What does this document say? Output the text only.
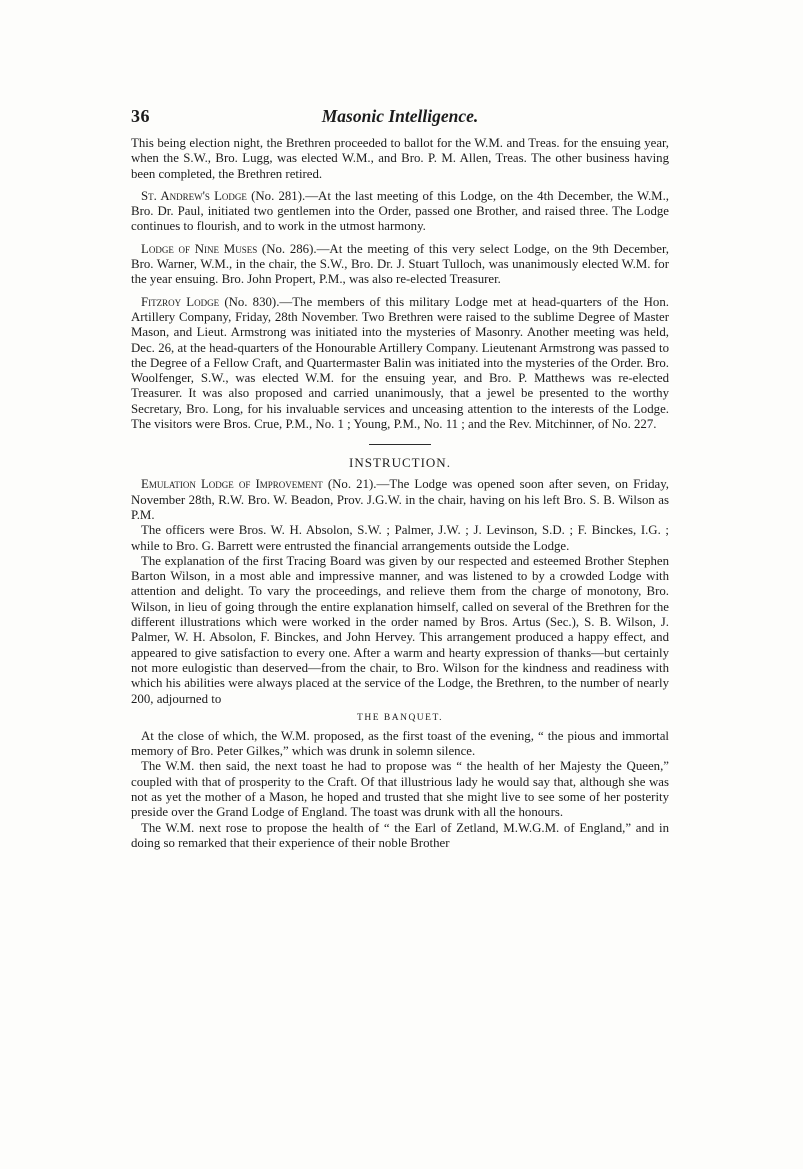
36	Masonic Intelligence.

This being election night, the Brethren proceeded to ballot for the W.M. and Treas. for the ensuing year, when the S.W., Bro. Lugg, was elected W.M., and Bro. P. M. Allen, Treas. The other business having been completed, the Brethren retired.

St. Andrew's Lodge (No. 281).—At the last meeting of this Lodge, on the 4th December, the W.M., Bro. Dr. Paul, initiated two gentlemen into the Order, passed one Brother, and raised three. The Lodge continues to flourish, and to work in the utmost harmony.

Lodge of Nine Muses (No. 286).—At the meeting of this very select Lodge, on the 9th December, Bro. Warner, W.M., in the chair, the S.W., Bro. Dr. J. Stuart Tulloch, was unanimously elected W.M. for the year ensuing. Bro. John Propert, P.M., was also re-elected Treasurer.

Fitzroy Lodge (No. 830).—The members of this military Lodge met at head-quarters of the Hon. Artillery Company, Friday, 28th November. Two Brethren were raised to the sublime Degree of Master Mason, and Lieut. Armstrong was initiated into the mysteries of Masonry. Another meeting was held, Dec. 26, at the head-quarters of the Honourable Artillery Company. Lieutenant Armstrong was passed to the Degree of a Fellow Craft, and Quartermaster Balin was initiated into the mysteries of the Order. Bro. Woolfenger, S.W., was elected W.M. for the ensuing year, and Bro. P. Matthews was re-elected Treasurer. It was also proposed and carried unanimously, that a jewel be presented to the worthy Secretary, Bro. Long, for his invaluable services and unceasing attention to the interests of the Lodge. The visitors were Bros. Crue, P.M., No. 1 ; Young, P.M., No. 11 ; and the Rev. Mitchinner, of No. 227.

INSTRUCTION.

Emulation Lodge of Improvement (No. 21).—The Lodge was opened soon after seven, on Friday, November 28th, R.W. Bro. W. Beadon, Prov. J.G.W. in the chair, having on his left Bro. S. B. Wilson as P.M.

The officers were Bros. W. H. Absolon, S.W. ; Palmer, J.W. ; J. Levinson, S.D. ; F. Binckes, I.G. ; while to Bro. G. Barrett were entrusted the financial arrangements outside the Lodge.

The explanation of the first Tracing Board was given by our respected and esteemed Brother Stephen Barton Wilson, in a most able and impressive manner, and was listened to by a crowded Lodge with attention and delight. To vary the proceedings, and relieve them from the charge of monotony, Bro. Wilson, in lieu of going through the entire explanation himself, called on several of the Brethren for the different illustrations which were worked in the order named by Bros. Artus (Sec.), S. B. Wilson, J. Palmer, W. H. Absolon, F. Binckes, and John Hervey. This arrangement produced a happy effect, and appeared to give satisfaction to every one. After a warm and hearty expression of thanks—but certainly not more eulogistic than deserved—from the chair, to Bro. Wilson for the kindness and readiness with which his abilities were always placed at the service of the Lodge, the Brethren, to the number of nearly 200, adjourned to

THE BANQUET.

At the close of which, the W.M. proposed, as the first toast of the evening, “ the pious and immortal memory of Bro. Peter Gilkes,” which was drunk in solemn silence.

The W.M. then said, the next toast he had to propose was “ the health of her Majesty the Queen,” coupled with that of prosperity to the Craft. Of that illustrious lady he would say that, although she was not as yet the mother of a Mason, he hoped and trusted that she might live to see some of her posterity preside over the Grand Lodge of England. The toast was drunk with all the honours.

The W.M. next rose to propose the health of “ the Earl of Zetland, M.W.G.M. of England,” and in doing so remarked that their experience of their noble Brother
